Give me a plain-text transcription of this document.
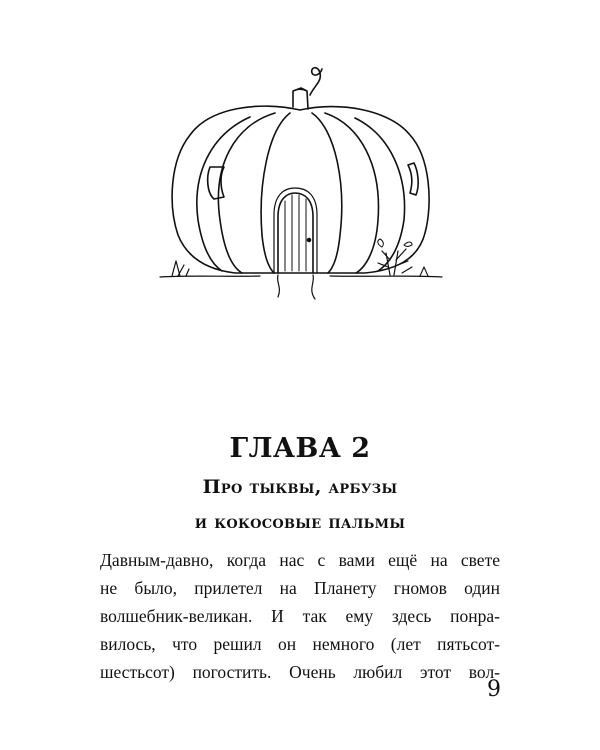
ГЛАВА 2
Про тыквы, арбузы
и кокосовые пальмы

Давным-давно, когда нас с вами ещё на свете
не было, прилетел на Планету гномов один
волшебник-великан. И так ему здесь понра-
вилось, что решил он немного (лет пятьсот-
шестьсот) погостить. Очень любил этот вол-

9
